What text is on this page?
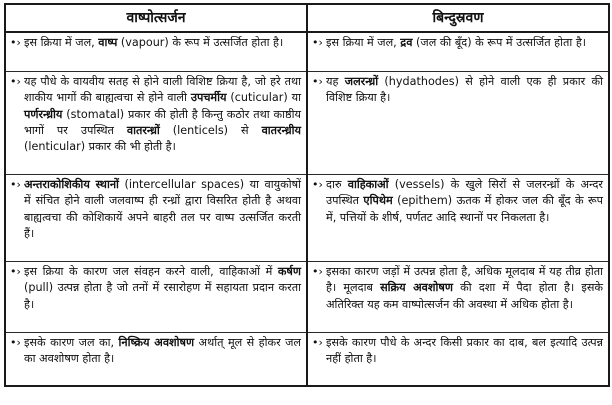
वाष्पोत्सर्जन	बिन्दुस्रवण

•› इस क्रिया में जल, वाष्प (vapour) के रूप में उत्सर्जित होता है।	•› इस क्रिया में जल, द्रव (जल की बूँद) के रूप में उत्सर्जित होता है।

•› यह पौधे के वायवीय सतह से होने वाली विशिष्ट क्रिया है, जो हरे तथा शाकीय भागों की बाह्यत्वचा से होने वाली उपचर्मीय (cuticular) या पर्णरन्ध्रीय (stomatal) प्रकार की होती है किन्तु कठोर तथा काष्ठीय भागों पर उपस्थित वातरन्ध्रों (lenticels) से वातरन्ध्रीय (lenticular) प्रकार की भी होती है।	•› यह जलरन्ध्रों (hydathodes) से होने वाली एक ही प्रकार की विशिष्ट क्रिया है।

•› अन्तराकोशिकीय स्थानों (intercellular spaces) या वायुकोषों में संचित होने वाली जलवाष्प ही रन्ध्रों द्वारा विसरित होती है अथवा बाह्यत्वचा की कोशिकायें अपने बाहरी तल पर वाष्प उत्सर्जित करती हैं।	•› दारु वाहिकाओं (vessels) के खुले सिरों से जलरन्ध्रों के अन्दर उपस्थित एपिथेम (epithem) ऊतक में होकर जल की बूँद के रूप में, पत्तियों के शीर्ष, पर्णतट आदि स्थानों पर निकलता है।

•› इस क्रिया के कारण जल संवहन करने वाली, वाहिकाओं में कर्षण (pull) उत्पन्न होता है जो तनों में रसारोहण में सहायता प्रदान करता है।	•› इसका कारण जड़ों में उत्पन्न होता है, अधिक मूलदाब में यह तीव्र होता है। मूलदाब सक्रिय अवशोषण की दशा में पैदा होता है। इसके अतिरिक्त यह कम वाष्पोत्सर्जन की अवस्था में अधिक होता है।

•› इसके कारण जल का, निष्क्रिय अवशोषण अर्थात् मूल से होकर जल का अवशोषण होता है।	•› इसके कारण पौधे के अन्दर किसी प्रकार का दाब, बल इत्यादि उत्पन्न नहीं होता है।
